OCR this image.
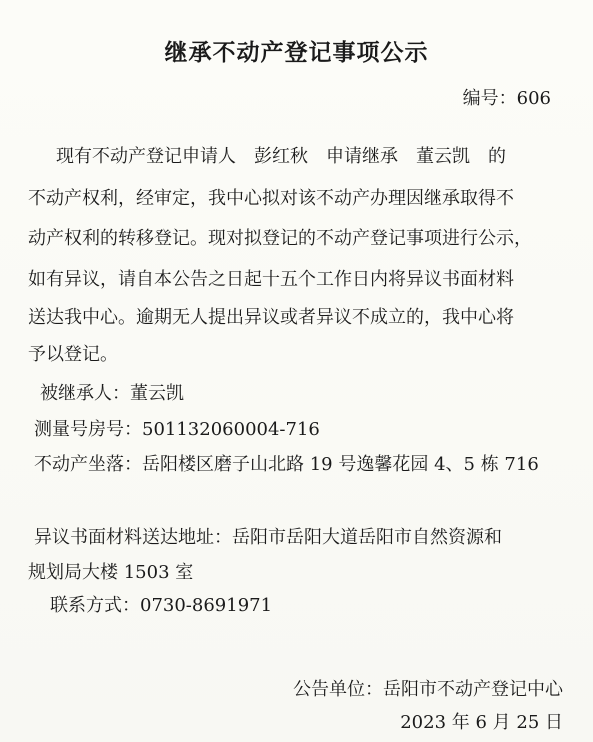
继承不动产登记事项公示
编号：606
现有不动产登记申请人　彭红秋　申请继承　董云凯　的
不动产权利，经审定，我中心拟对该不动产办理因继承取得不
动产权利的转移登记。现对拟登记的不动产登记事项进行公示，
如有异议，请自本公告之日起十五个工作日内将异议书面材料
送达我中心。逾期无人提出异议或者异议不成立的，我中心将
予以登记。
被继承人：董云凯
测量号房号：501132060004-716
不动产坐落：岳阳楼区磨子山北路 19 号逸馨花园 4、5 栋 716
异议书面材料送达地址：岳阳市岳阳大道岳阳市自然资源和
规划局大楼 1503 室
联系方式：0730-8691971
公告单位：岳阳市不动产登记中心
2023 年 6 月 25 日
